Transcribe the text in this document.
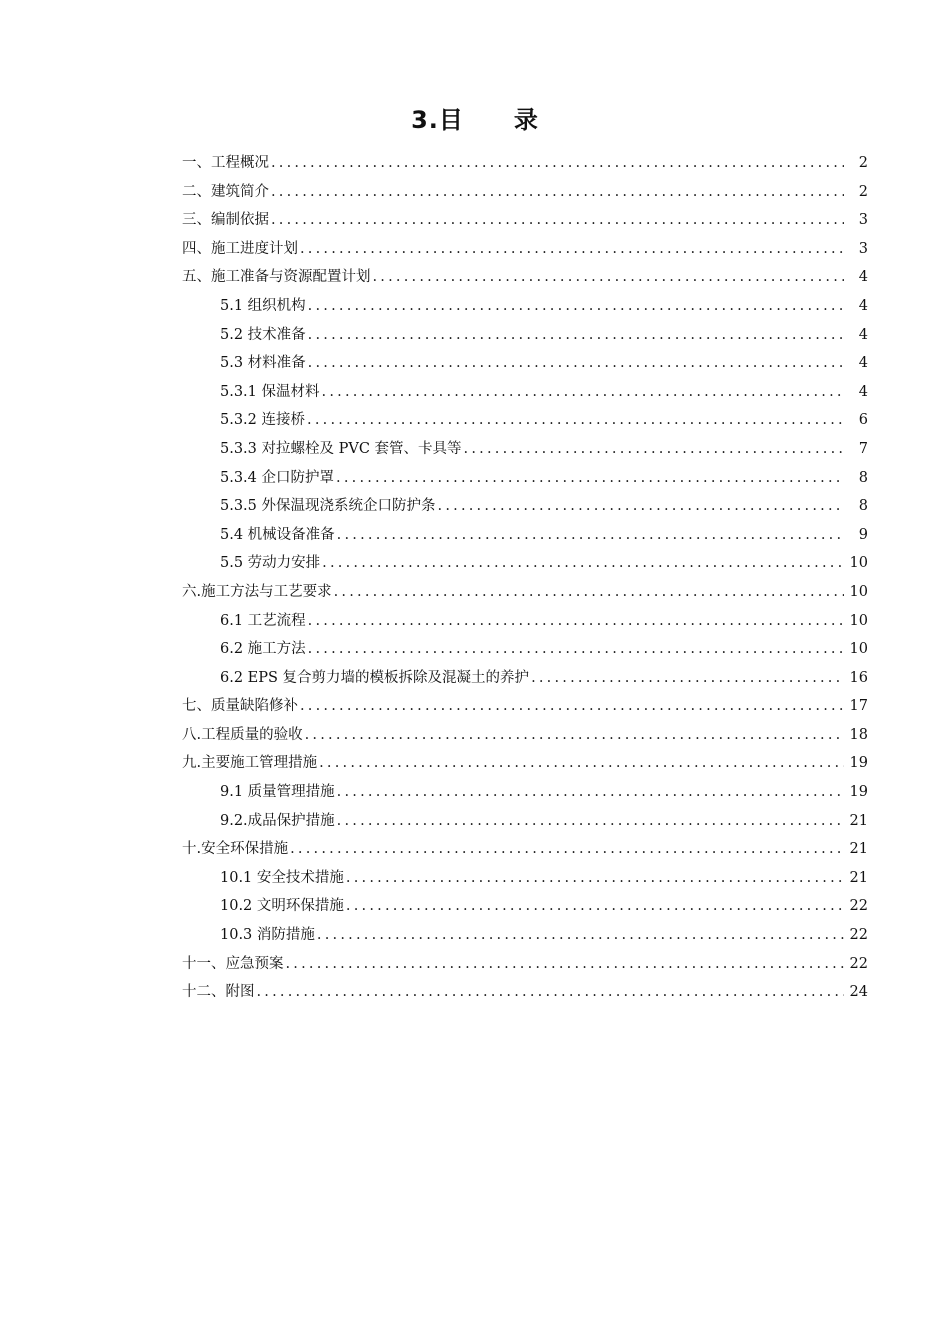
3.目　　录
一、工程概况 .....	2
二、建筑简介 .....	2
三、编制依据 .....	3
四、施工进度计划 .....	3
五、施工准备与资源配置计划 .....	4
5.1 组织机构 .....	4
5.2 技术准备 .....	4
5.3 材料准备 .....	4
5.3.1 保温材料 .....	4
5.3.2 连接桥 .....	6
5.3.3 对拉螺栓及 PVC 套管、卡具等 .....	7
5.3.4 企口防护罩 .....	8
5.3.5 外保温现浇系统企口防护条 .....	8
5.4 机械设备准备 .....	9
5.5 劳动力安排 .....	10
六.施工方法与工艺要求 .....	10
6.1 工艺流程 .....	10
6.2 施工方法 .....	10
6.2 EPS 复合剪力墙的模板拆除及混凝土的养护 .....	16
七、质量缺陷修补 .....	17
八.工程质量的验收 .....	18
九.主要施工管理措施 .....	19
9.1 质量管理措施 .....	19
9.2.成品保护措施 .....	21
十.安全环保措施 .....	21
10.1 安全技术措施 .....	21
10.2 文明环保措施 .....	22
10.3 消防措施 .....	22
十一、应急预案 .....	22
十二、附图 .....	24
